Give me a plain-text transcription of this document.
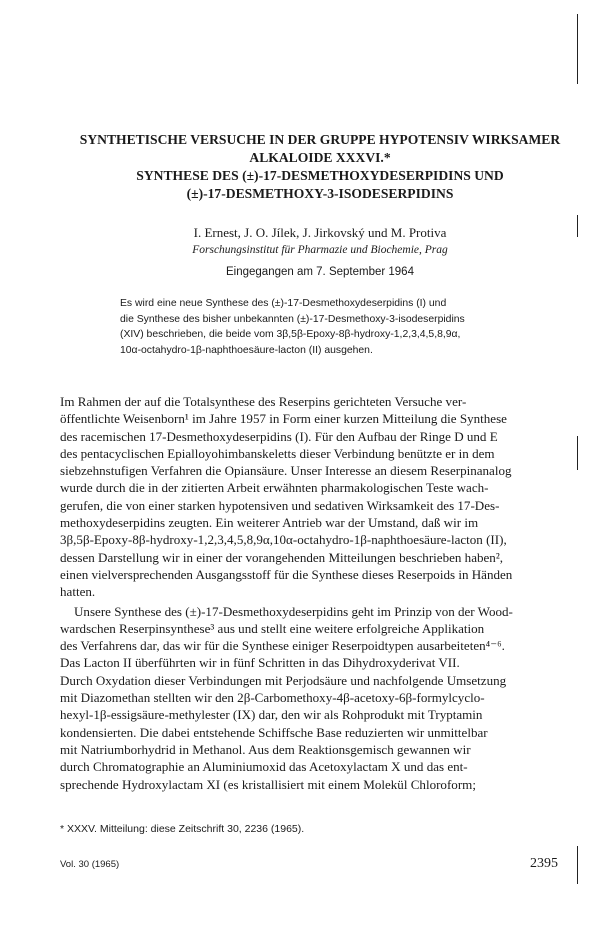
SYNTHETISCHE VERSUCHE IN DER GRUPPE HYPOTENSIV WIRKSAMER

ALKALOIDE XXXVI.*

SYNTHESE DES (±)-17-DESMETHOXYDESERPIDINS UND

(±)-17-DESMETHOXY-3-ISODESERPIDINS

I. Ernest, J. O. Jílek, J. Jirkovský und M. Protiva
Forschungsinstitut für Pharmazie und Biochemie, Prag
Eingegangen am 7. September 1964
Es wird eine neue Synthese des (±)-17-Desmethoxydeserpidins (I) und
die Synthese des bisher unbekannten (±)-17-Desmethoxy-3-isodeserpidins
(XIV) beschrieben, die beide vom 3β,5β-Epoxy-8β-hydroxy-1,2,3,4,5,8,9α,
10α-octahydro-1β-naphthoesäure-lacton (II) ausgehen.
Im Rahmen der auf die Totalsynthese des Reserpins gerichteten Versuche ver-
öffentlichte Weisenborn¹ im Jahre 1957 in Form einer kurzen Mitteilung die Synthese
des racemischen 17-Desmethoxydeserpidins (I). Für den Aufbau der Ringe D und E
des pentacyclischen Epialloyohimbanskeletts dieser Verbindung benützte er in dem
siebzehnstufigen Verfahren die Opiansäure. Unser Interesse an diesem Reserpinanalog
wurde durch die in der zitierten Arbeit erwähnten pharmakologischen Teste wach-
gerufen, die von einer starken hypotensiven und sedativen Wirksamkeit des 17-Des-
methoxydeserpidins zeugten. Ein weiterer Antrieb war der Umstand, daß wir im
3β,5β-Epoxy-8β-hydroxy-1,2,3,4,5,8,9α,10α-octahydro-1β-naphthoesäure-lacton (II),
dessen Darstellung wir in einer der vorangehenden Mitteilungen beschrieben haben²,
einen vielversprechenden Ausgangsstoff für die Synthese dieses Reserpoids in Händen
hatten.
Unsere Synthese des (±)-17-Desmethoxydeserpidins geht im Prinzip von der Wood-
wardschen Reserpinsynthese³ aus und stellt eine weitere erfolgreiche Applikation
des Verfahrens dar, das wir für die Synthese einiger Reserpoidtypen ausarbeiteten⁴⁻⁶.
Das Lacton II überführten wir in fünf Schritten in das Dihydroxyderivat VII.
Durch Oxydation dieser Verbindungen mit Perjodsäure und nachfolgende Umsetzung
mit Diazomethan stellten wir den 2β-Carbomethoxy-4β-acetoxy-6β-formylcyclo-
hexyl-1β-essigsäure-methylester (IX) dar, den wir als Rohprodukt mit Tryptamin
kondensierten. Die dabei entstehende Schiffsche Base reduzierten wir unmittelbar
mit Natriumborhydrid in Methanol. Aus dem Reaktionsgemisch gewannen wir
durch Chromatographie an Aluminiumoxid das Acetoxylactam X und das ent-
sprechende Hydroxylactam XI (es kristallisiert mit einem Molekül Chloroform;
* XXXV. Mitteilung: diese Zeitschrift 30, 2236 (1965).
Vol. 30 (1965)	2395
